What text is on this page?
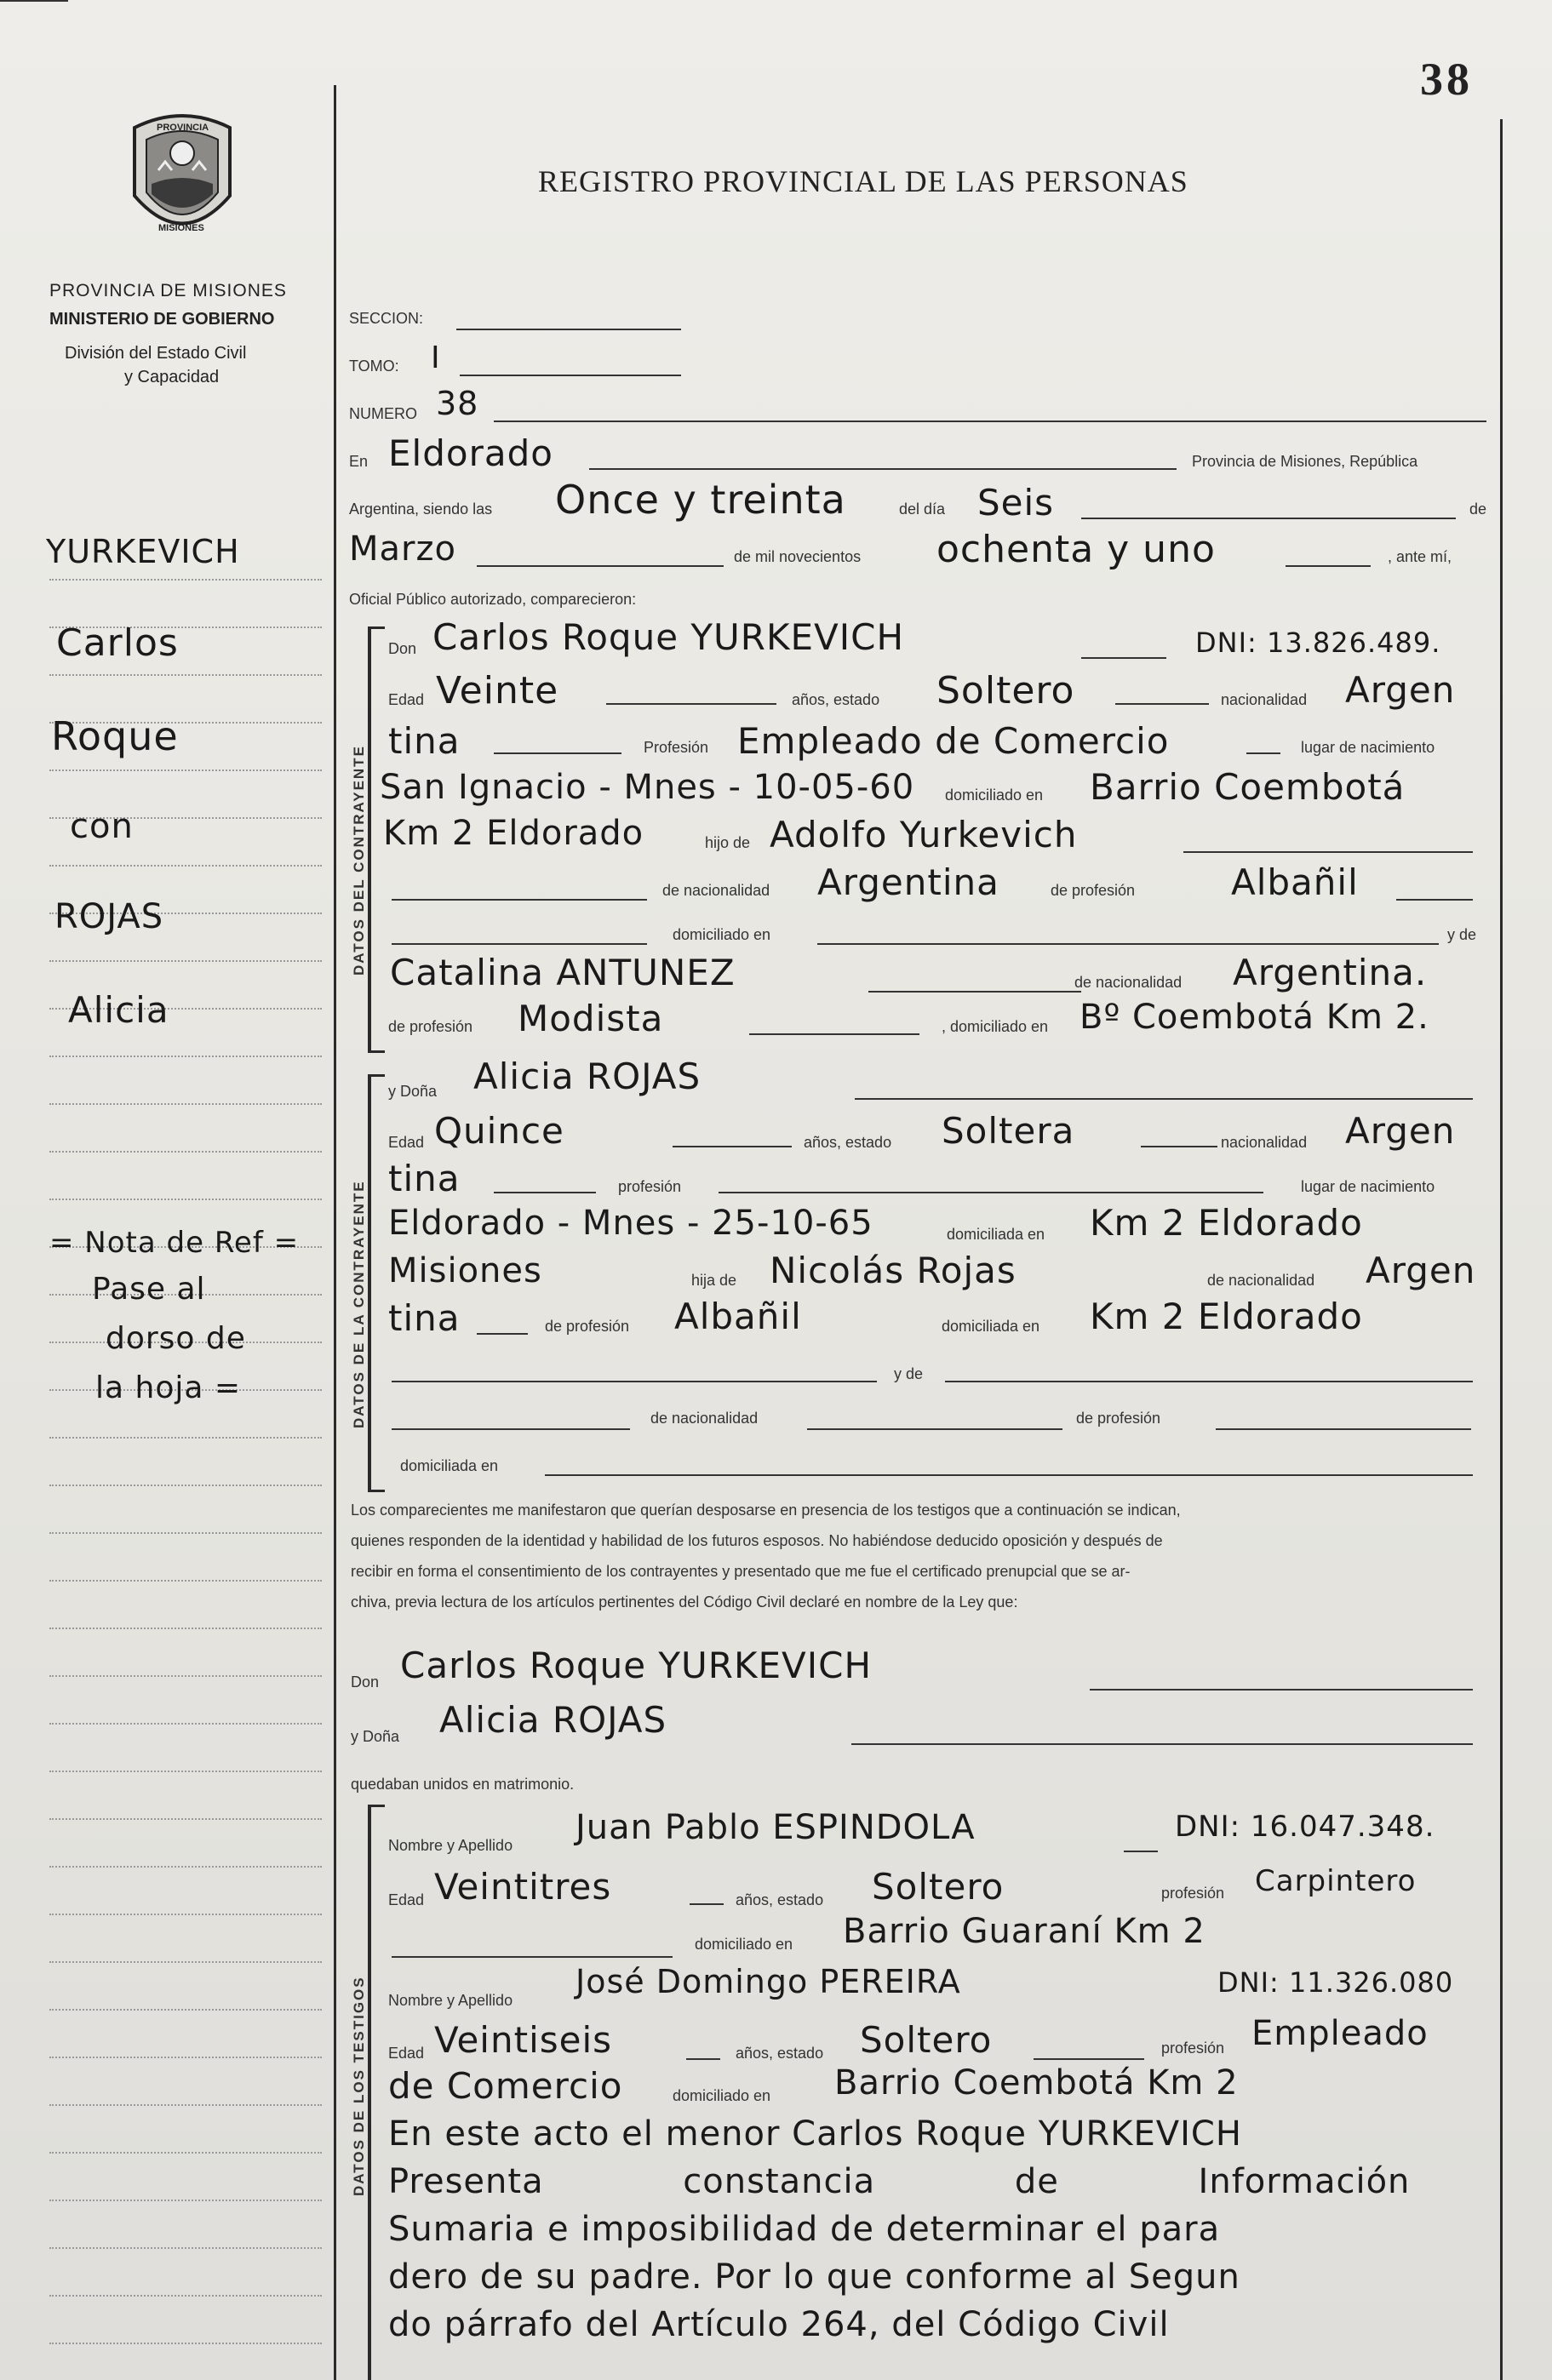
38
PROVINCIA
MISIONES
PROVINCIA DE MISIONES
MINISTERIO DE GOBIERNO
División del Estado Civil
y Capacidad
REGISTRO PROVINCIAL DE LAS PERSONAS
YURKEVICH
Carlos
Roque
con
ROJAS
Alicia
= Nota de Ref =
Pase al
dorso de
la hoja =
SECCION:
TOMO: I
NUMERO 38
En Eldorado	Provincia de Misiones, República
Argentina, siendo las Once y treinta	del día Seis	de
Marzo	de mil novecientos ochenta y uno	, ante mí,
Oficial Público autorizado, comparecieron:
DATOS DEL CONTRAYENTE
Don Carlos Roque YURKEVICH	DNI: 13.826.489.
Edad Veinte	años, estado Soltero	nacionalidad Argen
tina	Profesión Empleado de Comercio	lugar de nacimiento
San Ignacio - Mnes - 10-05-60 domiciliado en Barrio Coembotá
Km 2 Eldorado	hijo de Adolfo Yurkevich
de nacionalidad Argentina	de profesión	Albañil
domiciliado en	y de
Catalina ANTUNEZ	de nacionalidad Argentina.
de profesión Modista	, domiciliado en Bº Coembotá Km 2.
DATOS DE LA CONTRAYENTE
y Doña Alicia ROJAS
Edad Quince	años, estado Soltera	nacionalidad Argen
tina	profesión	lugar de nacimiento
Eldorado - Mnes - 25-10-65	domiciliada en Km 2 Eldorado
Misiones	hija de Nicolás Rojas	de nacionalidad Argen
tina	de profesión Albañil	domiciliada en Km 2 Eldorado
y de
de nacionalidad	de profesión
domiciliada en
Los comparecientes me manifestaron que querían desposarse en presencia de los testigos que a continuación se indican,
quienes responden de la identidad y habilidad de los futuros esposos. No habiéndose deducido oposición y después de
recibir en forma el consentimiento de los contrayentes y presentado que me fue el certificado prenupcial que se ar-
chiva, previa lectura de los artículos pertinentes del Código Civil declaré en nombre de la Ley que:
Don Carlos Roque YURKEVICH
y Doña Alicia ROJAS
quedaban unidos en matrimonio.
DATOS DE LOS TESTIGOS
Nombre y Apellido Juan Pablo ESPINDOLA	DNI: 16.047.348.
Edad Veintitres	años, estado Soltero	profesión Carpintero
domiciliado en Barrio Guaraní Km 2
Nombre y Apellido José Domingo PEREIRA	DNI: 11.326.080
Edad Veintiseis	años, estado Soltero	profesión Empleado
de Comercio	domiciliado en Barrio Coembotá Km 2
En este acto el menor Carlos Roque YURKEVICH
Presenta constancia de Información
Sumaria e imposibilidad de determinar el para
dero de su padre. Por lo que conforme al Segun
do párrafo del Artículo 264, del Código Civil
